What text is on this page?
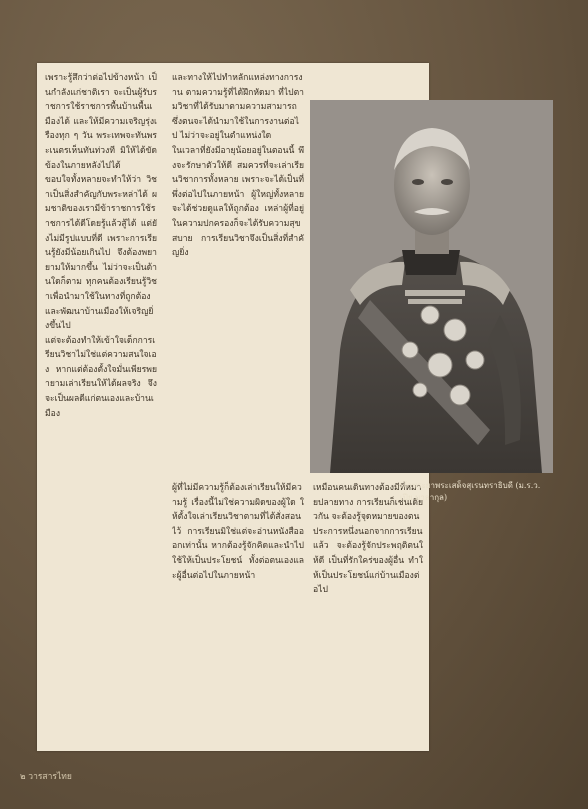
เพราะรู้สึกว่าต่อไปข้างหน้า เป็นกำลังแก่ชาติเรา จะเป็นผู้รับราชการใช้ราชการพื้นบ้านพื้นเมืองได้ และให้มีความเจริญรุ่งเรืองทุก ๆ วัน พระเทพจะทันพระเนตรเห็นทันท่วงที มิให้ได้ขัดข้องในภายหลังไปได้

ขอบใจทั้งหลายจะทำให้ว่า วิชาเป็นสิ่งสำคัญกับพระหล่าได้ ผมชาติของเรามีข้าราชการใช้ราชการได้ดีโดยรู้แล้วสู้ได้ แต่ยังไม่มีรูปแบบที่ดี เพราะการเรียนรู้ยังมีน้อยเกินไป จึงต้องพยายามให้มากขึ้น ไม่ว่าจะเป็นด้านใดก็ตาม ทุกคนต้องเรียนรู้วิชาเพื่อนำมาใช้ในทางที่ถูกต้อง และพัฒนาบ้านเมืองให้เจริญยิ่งขึ้นไป

แต่จะต้องทำให้เข้าใจเด็กการเรียนวิชาไม่ใช่แต่ความสนใจเอง หากแต่ต้องตั้งใจมั่นเพียรพยายามเล่าเรียนให้ได้ผลจริง จึงจะเป็นผลดีแก่ตนเองและบ้านเมือง

และทางให้ไปทำหลักแหล่งทางการงาน ตามความรู้ที่ได้ฝึกหัดมา ที่ไปตามวิชาที่ได้รับมาตามความสามารถ ซึ่งตนจะได้นำมาใช้ในการงานต่อไป ไม่ว่าจะอยู่ในตำแหน่งใด

ในเวลาที่ยังมีอายุน้อยอยู่ในตอนนี้ พึงจะรักษาตัวให้ดี สมควรที่จะเล่าเรียนวิชาการทั้งหลาย เพราะจะได้เป็นที่พึ่งต่อไปในภายหน้า ผู้ใหญ่ทั้งหลายจะได้ช่วยดูแลให้ถูกต้อง เหล่าผู้ที่อยู่ในความปกครองก็จะได้รับความสุขสบาย การเรียนวิชาจึงเป็นสิ่งที่สำคัญยิ่ง

ผู้ที่ไม่มีความรู้ก็ต้องเล่าเรียนให้มีความรู้ เรื่องนี้ไม่ใช่ความผิดของผู้ใด ให้ตั้งใจเล่าเรียนวิชาตามที่ได้สั่งสอนไว้ การเรียนมิใช่แต่จะอ่านหนังสือออกเท่านั้น หากต้องรู้จักคิดและนำไปใช้ให้เป็นประโยชน์ ทั้งต่อตนเองและผู้อื่นต่อไปในภายหน้า

เหมือนคนเดินทางต้องมีที่หมายปลายทาง การเรียนก็เช่นเดียวกัน จะต้องรู้จุดหมายของตน

ประการหนึ่งนอกจากการเรียนแล้ว จะต้องรู้จักประพฤติตนให้ดี เป็นที่รักใคร่ของผู้อื่น ทำให้เป็นประโยชน์แก่บ้านเมืองต่อไป

เจ้าพระยาพระเสด็จสุเรนทราธิบดี (ม.ร.ว. เปีย มาลากุล)
๒ วารสารไทย
